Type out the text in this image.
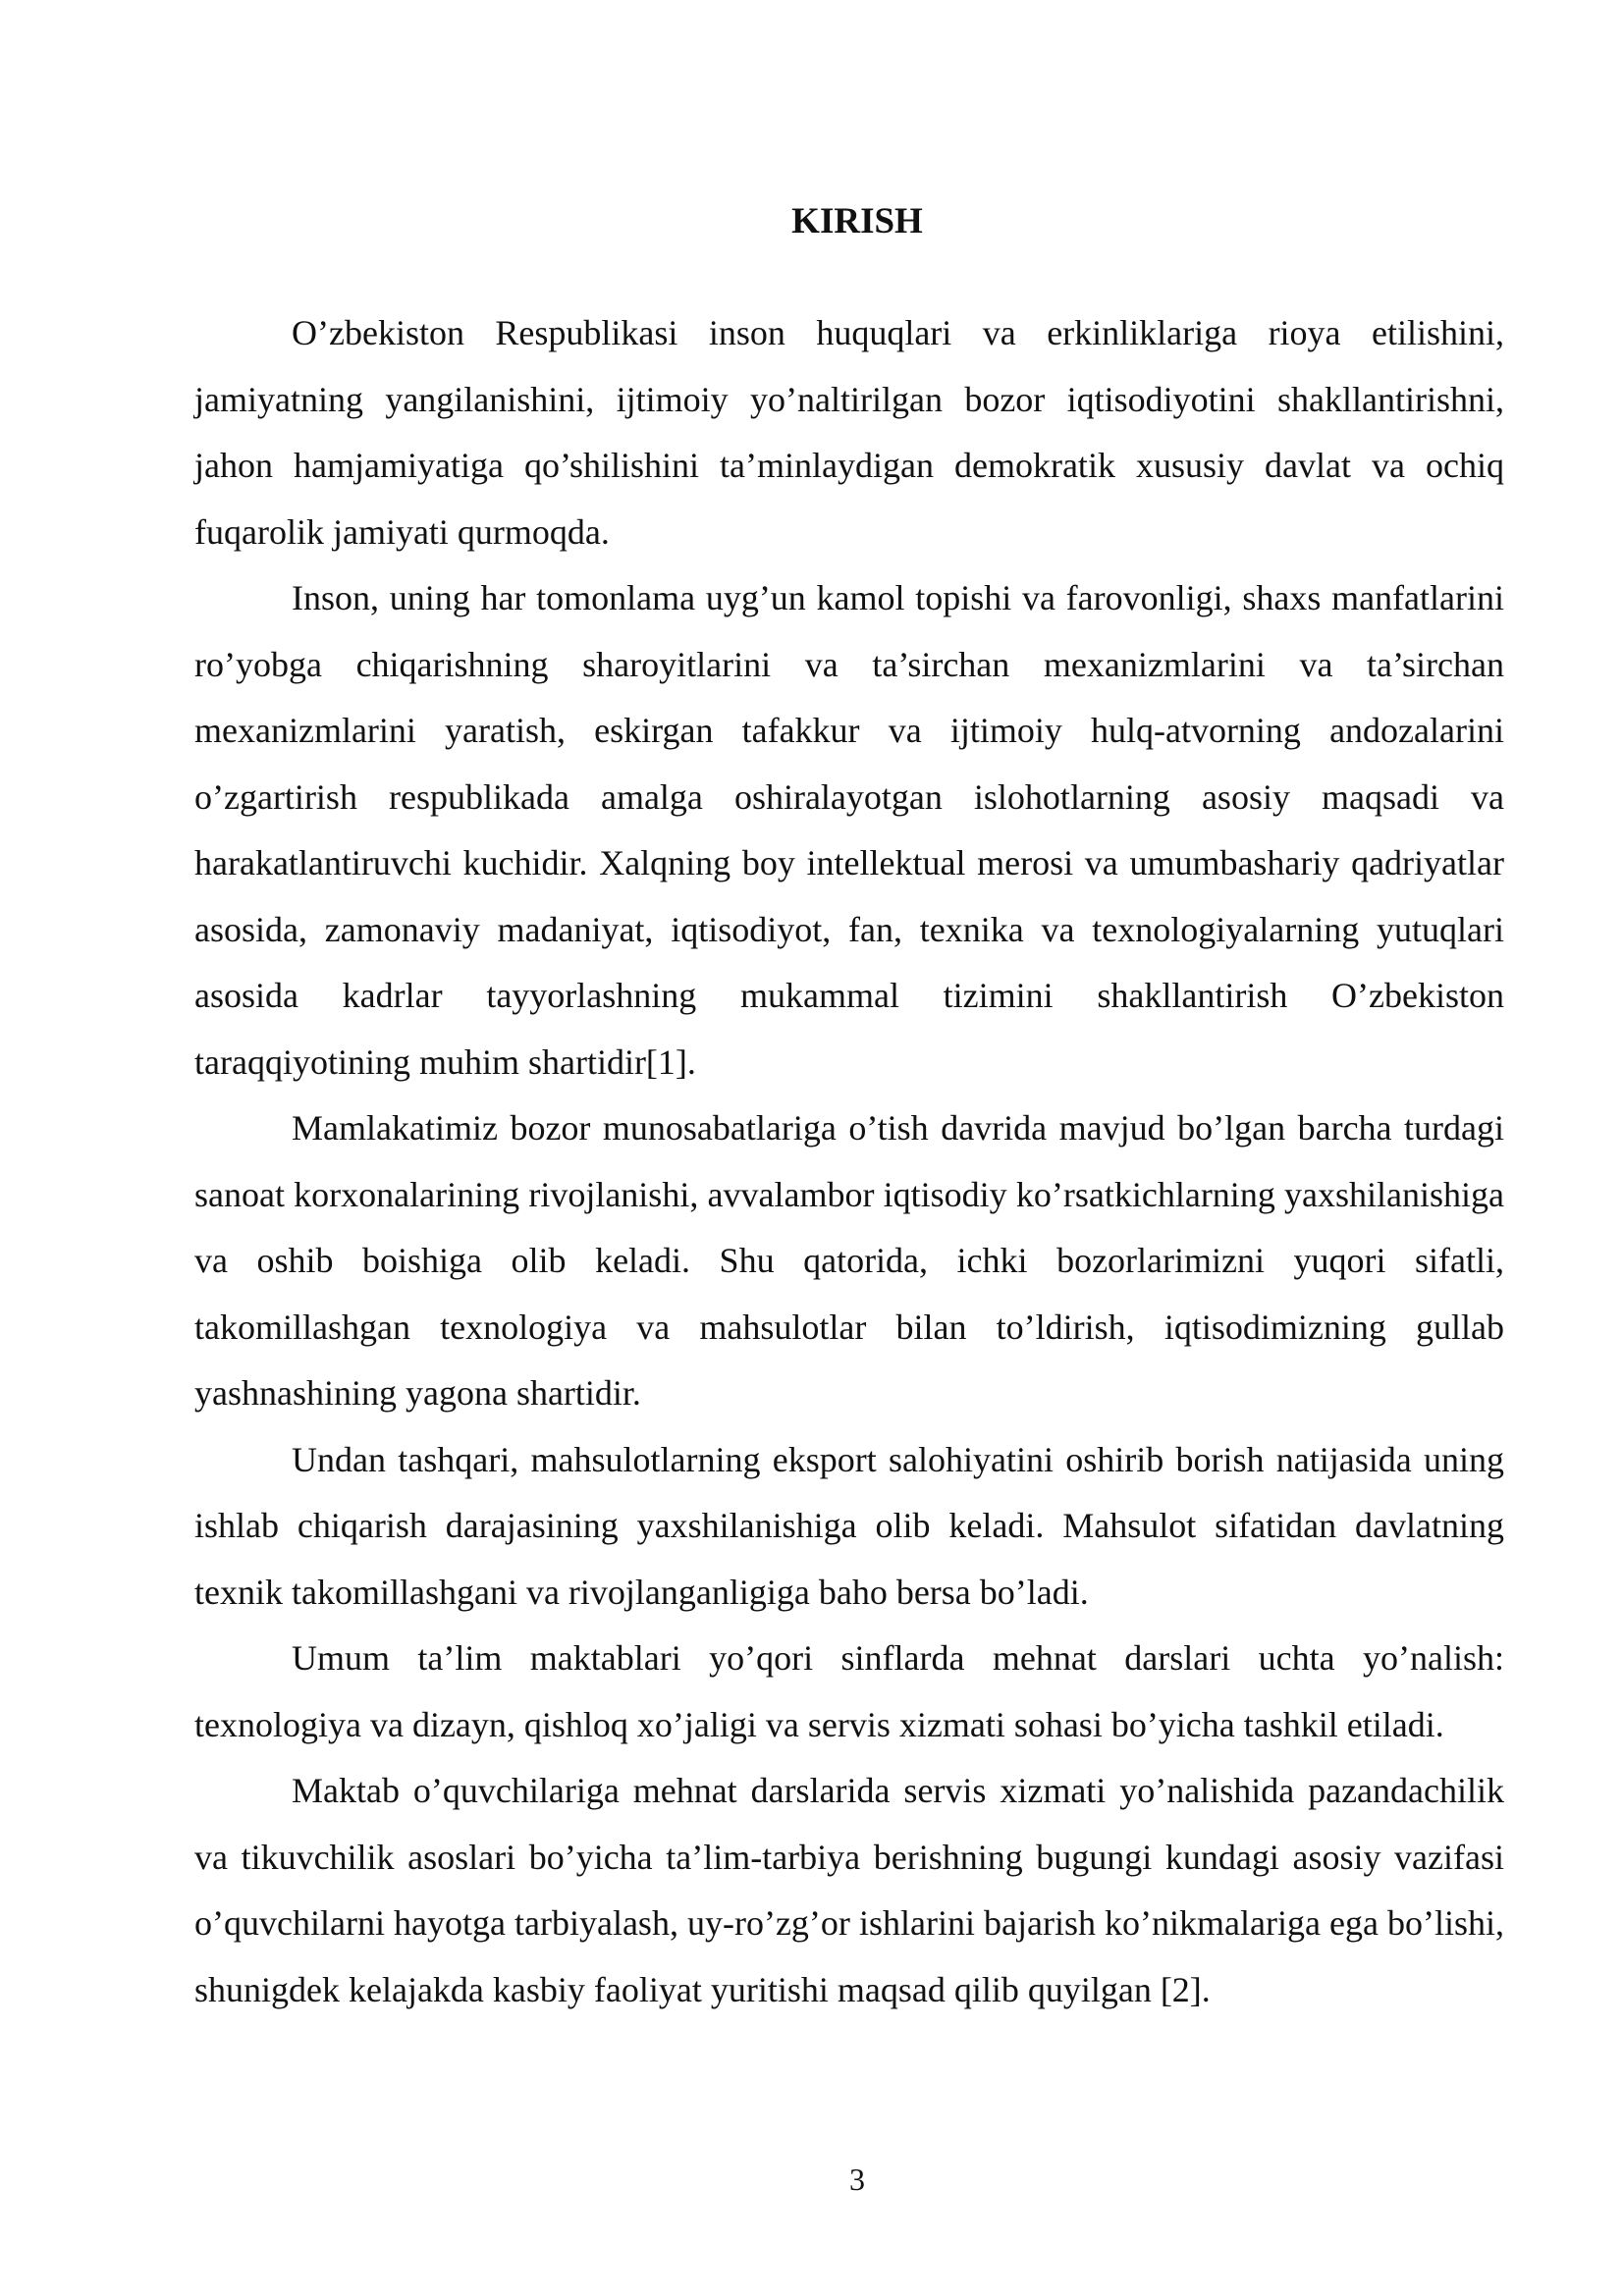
KIRISH

O’zbekiston Respublikasi inson huquqlari va erkinliklariga rioya etilishini, jamiyatning yangilanishini, ijtimoiy yo’naltirilgan bozor iqtisodiyotini shakllantirishni, jahon hamjamiyatiga qo’shilishini ta’minlaydigan demokratik xususiy davlat va ochiq fuqarolik jamiyati qurmoqda.

Inson, uning har tomonlama uyg’un kamol topishi va farovonligi, shaxs manfatlarini ro’yobga chiqarishning sharoyitlarini va ta’sirchan mexanizmlarini va ta’sirchan mexanizmlarini yaratish, eskirgan tafakkur va ijtimoiy hulq-atvorning andozalarini o’zgartirish respublikada amalga oshiralayotgan islohotlarning asosiy maqsadi va harakatlantiruvchi kuchidir. Xalqning boy intellektual merosi va umumbashariy qadriyatlar asosida, zamonaviy madaniyat, iqtisodiyot, fan, texnika va texnologiyalarning yutuqlari asosida kadrlar tayyorlashning mukammal tizimini shakllantirish O’zbekiston taraqqiyotining muhim shartidir[1].

Mamlakatimiz bozor munosabatlariga o’tish davrida mavjud bo’lgan barcha turdagi sanoat korxonalarining rivojlanishi, avvalambor iqtisodiy ko’rsatkichlarning yaxshilanishiga va oshib boishiga olib keladi. Shu qatorida, ichki bozorlarimizni yuqori sifatli, takomillashgan texnologiya va mahsulotlar bilan to’ldirish, iqtisodimizning gullab yashnashining yagona shartidir.

Undan tashqari, mahsulotlarning eksport salohiyatini oshirib borish natijasida uning ishlab chiqarish darajasining yaxshilanishiga olib keladi. Mahsulot sifatidan davlatning texnik takomillashgani va rivojlanganligiga baho bersa bo’ladi.

Umum ta’lim maktablari yo’qori sinflarda mehnat darslari uchta yo’nalish: texnologiya va dizayn, qishloq xo’jaligi va servis xizmati sohasi bo’yicha tashkil etiladi.

Maktab o’quvchilariga mehnat darslarida servis xizmati yo’nalishida pazandachilik va tikuvchilik asoslari bo’yicha ta’lim-tarbiya berishning bugungi kundagi asosiy vazifasi o’quvchilarni hayotga tarbiyalash, uy-ro’zg’or ishlarini bajarish ko’nikmalariga ega bo’lishi, shunigdek kelajakda kasbiy faoliyat yuritishi maqsad qilib quyilgan [2].

3
